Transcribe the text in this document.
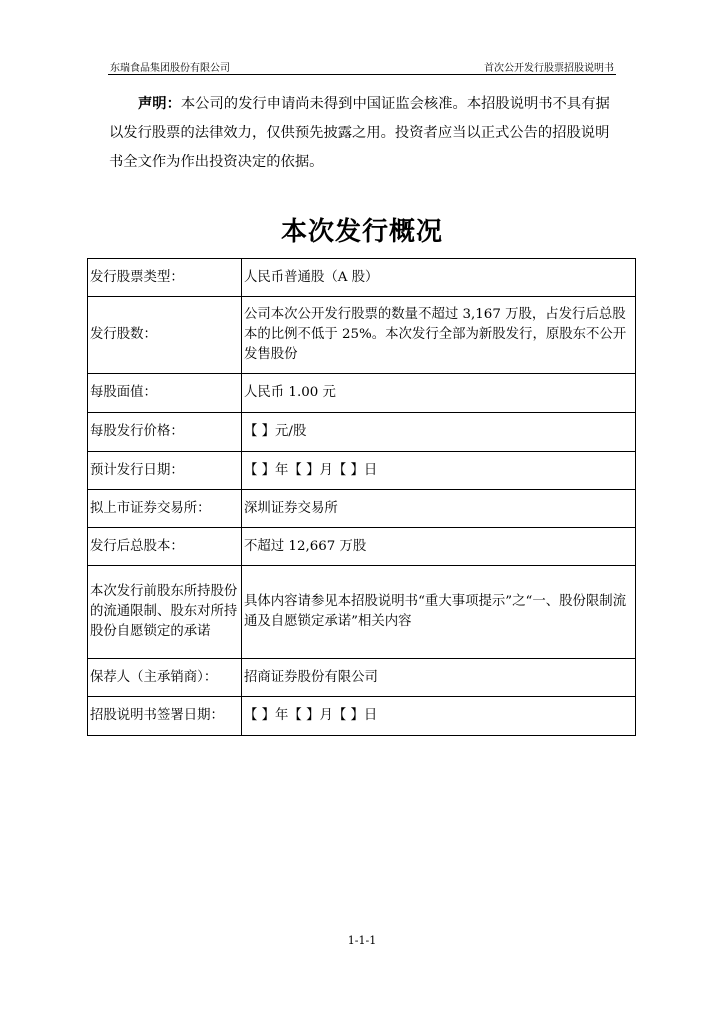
东瑞食品集团股份有限公司	首次公开发行股票招股说明书
声明：本公司的发行申请尚未得到中国证监会核准。本招股说明书不具有据以发行股票的法律效力，仅供预先披露之用。投资者应当以正式公告的招股说明书全文作为作出投资决定的依据。
本次发行概况
发行股票类型：	人民币普通股（A 股）
发行股数：	公司本次公开发行股票的数量不超过 3,167 万股，占发行后总股本的比例不低于 25%。本次发行全部为新股发行，原股东不公开发售股份
每股面值：	人民币 1.00 元
每股发行价格：	【 】元/股
预计发行日期：	【 】年【 】月【 】日
拟上市证券交易所：	深圳证券交易所
发行后总股本：	不超过 12,667 万股
本次发行前股东所持股份的流通限制、股东对所持股份自愿锁定的承诺	具体内容请参见本招股说明书“重大事项提示”之“一、股份限制流通及自愿锁定承诺”相关内容
保荐人（主承销商）：	招商证券股份有限公司
招股说明书签署日期：	【 】年【 】月【 】日
1-1-1
